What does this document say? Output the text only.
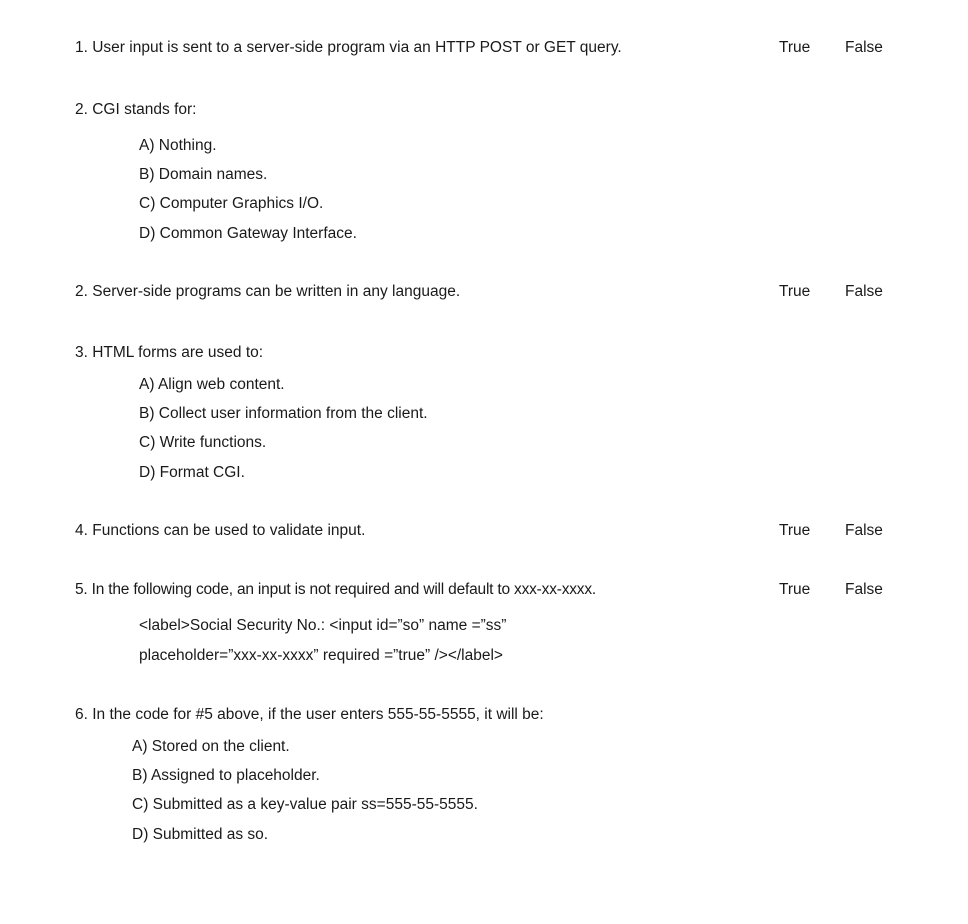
1. User input is sent to a server-side program via an HTTP POST or GET query.	True False
2. CGI stands for:
A) Nothing.
B) Domain names.
C) Computer Graphics I/O.
D) Common Gateway Interface.
2. Server-side programs can be written in any language.	True False
3. HTML forms are used to:
A) Align web content.
B) Collect user information from the client.
C) Write functions.
D) Format CGI.
4. Functions can be used to validate input.	True False
5. In the following code, an input is not required and will default to xxx-xx-xxxx.	True False
<label>Social Security No.: <input id=”so” name =”ss”
placeholder=”xxx-xx-xxxx” required =”true” /></label>
6. In the code for #5 above, if the user enters 555-55-5555, it will be:
A) Stored on the client.
B) Assigned to placeholder.
C) Submitted as a key-value pair ss=555-55-5555.
D) Submitted as so.
